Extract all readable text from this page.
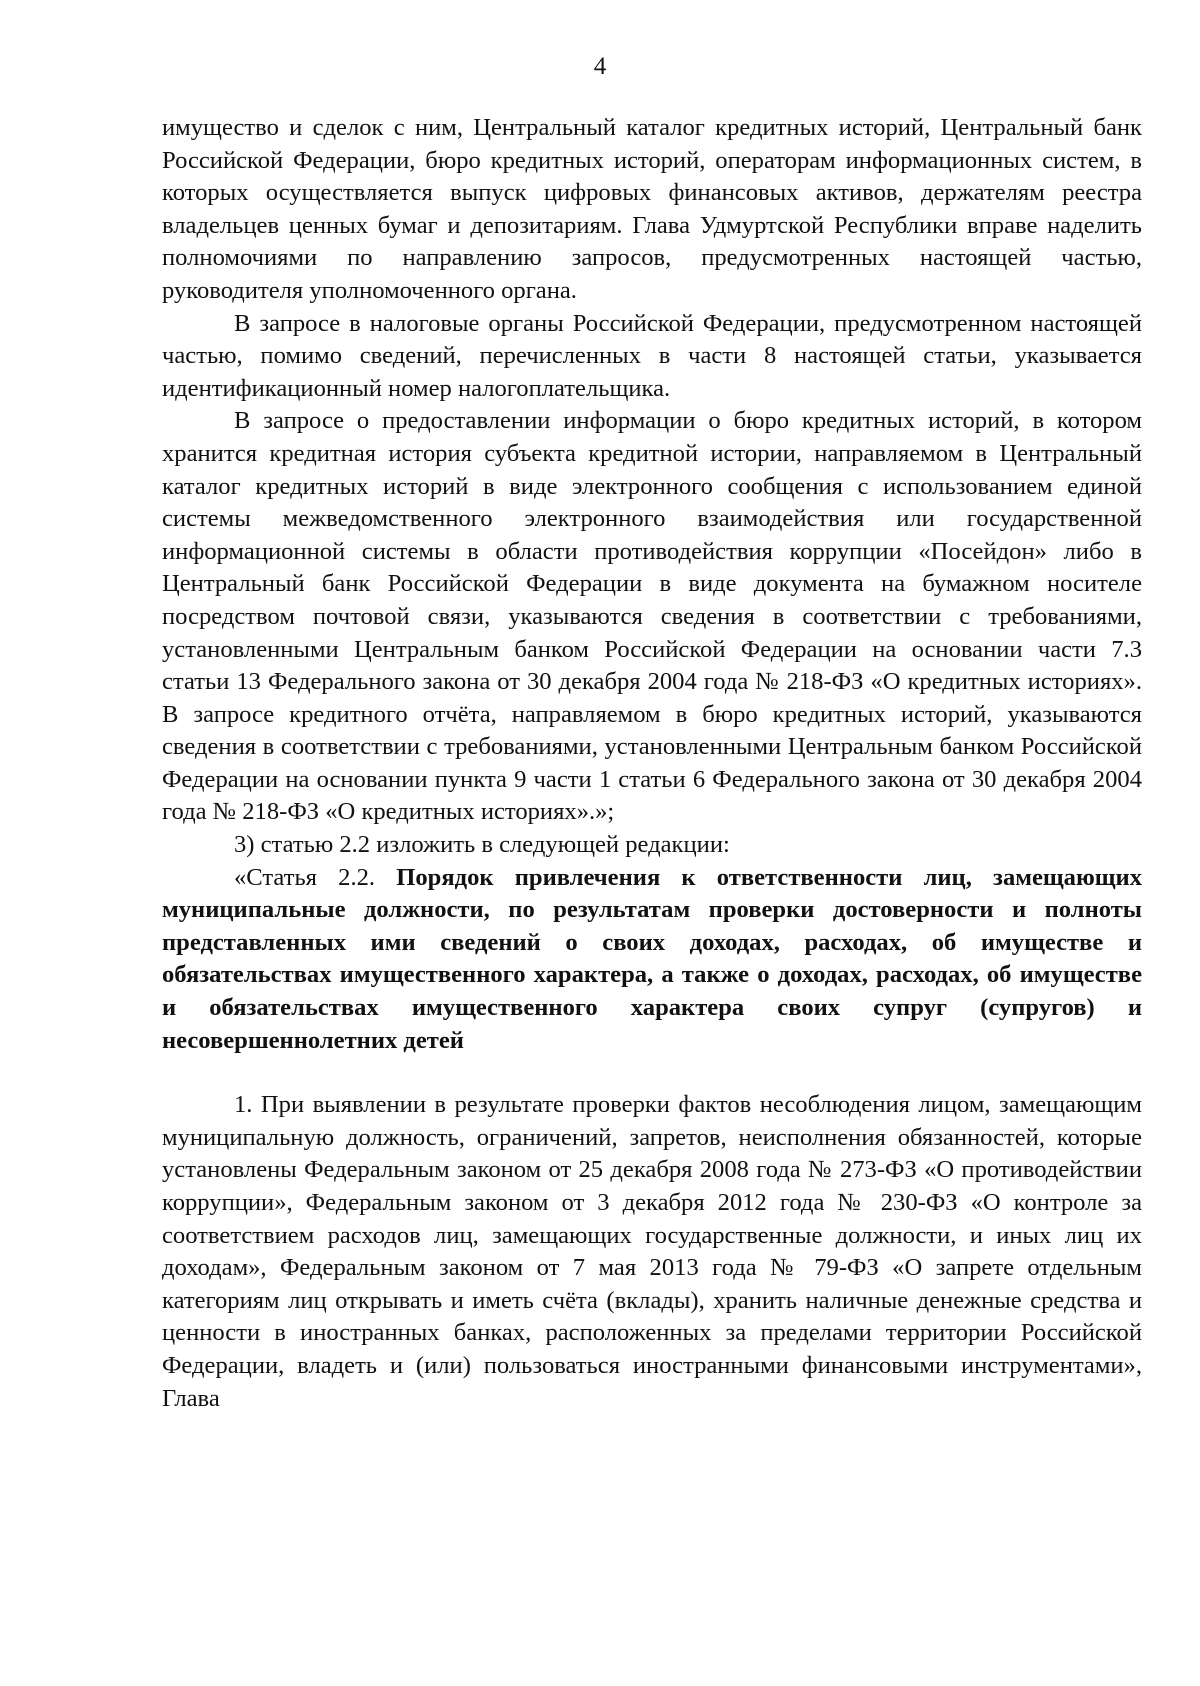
4

имущество и сделок с ним, Центральный каталог кредитных историй, Центральный банк Российской Федерации, бюро кредитных историй, операторам информационных систем, в которых осуществляется выпуск цифровых финансовых активов, держателям реестра владельцев ценных бумаг и депозитариям. Глава Удмуртской Республики вправе наделить полномочиями по направлению запросов, предусмотренных настоящей частью, руководителя уполномоченного органа.

В запросе в налоговые органы Российской Федерации, предусмотренном настоящей частью, помимо сведений, перечисленных в части 8 настоящей статьи, указывается идентификационный номер налогоплательщика.

В запросе о предоставлении информации о бюро кредитных историй, в котором хранится кредитная история субъекта кредитной истории, направляемом в Центральный каталог кредитных историй в виде электронного сообщения с использованием единой системы межведомственного электронного взаимодействия или государственной информационной системы в области противодействия коррупции «Посейдон» либо в Центральный банк Российской Федерации в виде документа на бумажном носителе посредством почтовой связи, указываются сведения в соответствии с требованиями, установленными Центральным банком Российской Федерации на основании части 7.3 статьи 13 Федерального закона от 30 декабря 2004 года № 218-ФЗ «О кредитных историях». В запросе кредитного отчёта, направляемом в бюро кредитных историй, указываются сведения в соответствии с требованиями, установленными Центральным банком Российской Федерации на основании пункта 9 части 1 статьи 6 Федерального закона от 30 декабря 2004 года № 218-ФЗ «О кредитных историях».»;

3) статью 2.2 изложить в следующей редакции:

«Статья 2.2. Порядок привлечения к ответственности лиц, замещающих муниципальные должности, по результатам проверки достоверности и полноты представленных ими сведений о своих доходах, расходах, об имуществе и обязательствах имущественного характера, а также о доходах, расходах, об имуществе и обязательствах имущественного характера своих супруг (супругов) и несовершеннолетних детей

1. При выявлении в результате проверки фактов несоблюдения лицом, замещающим муниципальную должность, ограничений, запретов, неисполнения обязанностей, которые установлены Федеральным законом от 25 декабря 2008 года № 273-ФЗ «О противодействии коррупции», Федеральным законом от 3 декабря 2012 года № 230-ФЗ «О контроле за соответствием расходов лиц, замещающих государственные должности, и иных лиц их доходам», Федеральным законом от 7 мая 2013 года № 79-ФЗ «О запрете отдельным категориям лиц открывать и иметь счёта (вклады), хранить наличные денежные средства и ценности в иностранных банках, расположенных за пределами территории Российской Федерации, владеть и (или) пользоваться иностранными финансовыми инструментами», Глава
